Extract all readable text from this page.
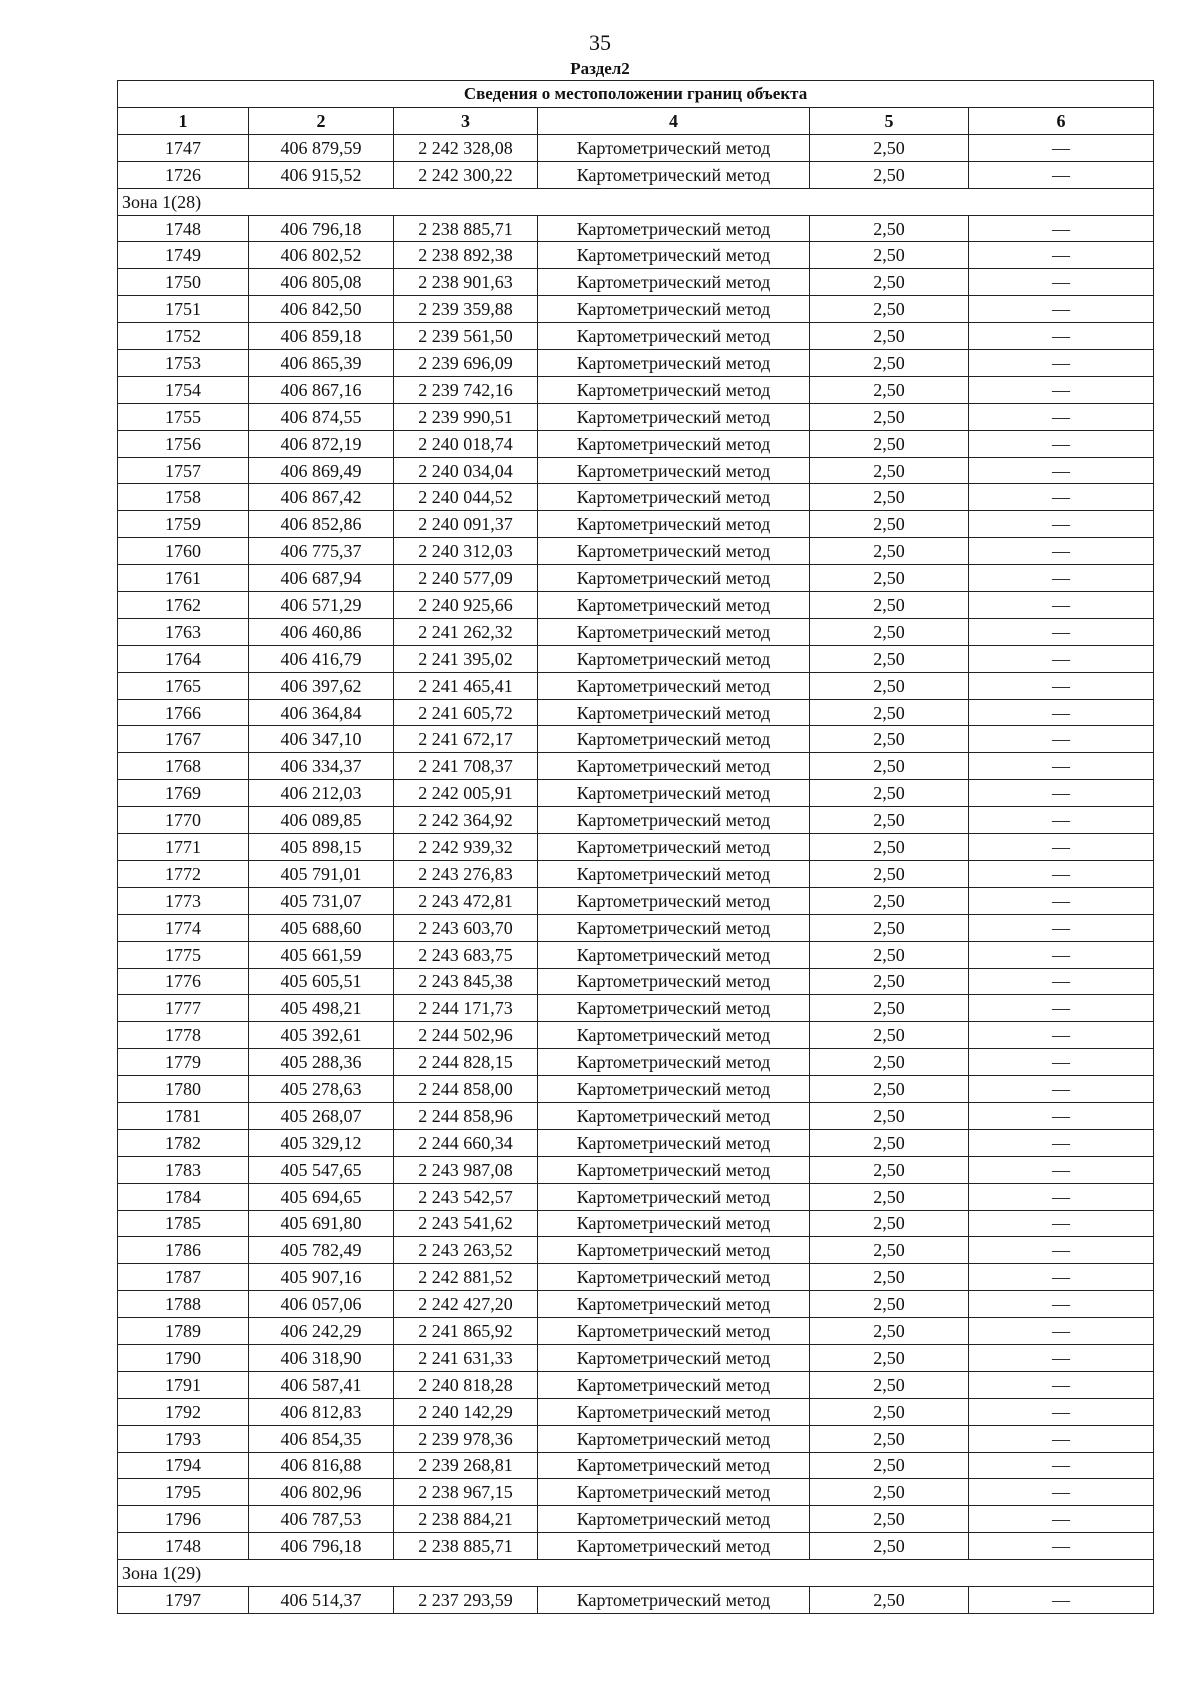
35
Раздел2
Сведения о местоположении границ объекта					
1	2	3	4	5	6
1747	406 879,59	2 242 328,08	Картометрический метод	2,50	—
1726	406 915,52	2 242 300,22	Картометрический метод	2,50	—
Зона 1(28)					
1748	406 796,18	2 238 885,71	Картометрический метод	2,50	—
1749	406 802,52	2 238 892,38	Картометрический метод	2,50	—
1750	406 805,08	2 238 901,63	Картометрический метод	2,50	—
1751	406 842,50	2 239 359,88	Картометрический метод	2,50	—
1752	406 859,18	2 239 561,50	Картометрический метод	2,50	—
1753	406 865,39	2 239 696,09	Картометрический метод	2,50	—
1754	406 867,16	2 239 742,16	Картометрический метод	2,50	—
1755	406 874,55	2 239 990,51	Картометрический метод	2,50	—
1756	406 872,19	2 240 018,74	Картометрический метод	2,50	—
1757	406 869,49	2 240 034,04	Картометрический метод	2,50	—
1758	406 867,42	2 240 044,52	Картометрический метод	2,50	—
1759	406 852,86	2 240 091,37	Картометрический метод	2,50	—
1760	406 775,37	2 240 312,03	Картометрический метод	2,50	—
1761	406 687,94	2 240 577,09	Картометрический метод	2,50	—
1762	406 571,29	2 240 925,66	Картометрический метод	2,50	—
1763	406 460,86	2 241 262,32	Картометрический метод	2,50	—
1764	406 416,79	2 241 395,02	Картометрический метод	2,50	—
1765	406 397,62	2 241 465,41	Картометрический метод	2,50	—
1766	406 364,84	2 241 605,72	Картометрический метод	2,50	—
1767	406 347,10	2 241 672,17	Картометрический метод	2,50	—
1768	406 334,37	2 241 708,37	Картометрический метод	2,50	—
1769	406 212,03	2 242 005,91	Картометрический метод	2,50	—
1770	406 089,85	2 242 364,92	Картометрический метод	2,50	—
1771	405 898,15	2 242 939,32	Картометрический метод	2,50	—
1772	405 791,01	2 243 276,83	Картометрический метод	2,50	—
1773	405 731,07	2 243 472,81	Картометрический метод	2,50	—
1774	405 688,60	2 243 603,70	Картометрический метод	2,50	—
1775	405 661,59	2 243 683,75	Картометрический метод	2,50	—
1776	405 605,51	2 243 845,38	Картометрический метод	2,50	—
1777	405 498,21	2 244 171,73	Картометрический метод	2,50	—
1778	405 392,61	2 244 502,96	Картометрический метод	2,50	—
1779	405 288,36	2 244 828,15	Картометрический метод	2,50	—
1780	405 278,63	2 244 858,00	Картометрический метод	2,50	—
1781	405 268,07	2 244 858,96	Картометрический метод	2,50	—
1782	405 329,12	2 244 660,34	Картометрический метод	2,50	—
1783	405 547,65	2 243 987,08	Картометрический метод	2,50	—
1784	405 694,65	2 243 542,57	Картометрический метод	2,50	—
1785	405 691,80	2 243 541,62	Картометрический метод	2,50	—
1786	405 782,49	2 243 263,52	Картометрический метод	2,50	—
1787	405 907,16	2 242 881,52	Картометрический метод	2,50	—
1788	406 057,06	2 242 427,20	Картометрический метод	2,50	—
1789	406 242,29	2 241 865,92	Картометрический метод	2,50	—
1790	406 318,90	2 241 631,33	Картометрический метод	2,50	—
1791	406 587,41	2 240 818,28	Картометрический метод	2,50	—
1792	406 812,83	2 240 142,29	Картометрический метод	2,50	—
1793	406 854,35	2 239 978,36	Картометрический метод	2,50	—
1794	406 816,88	2 239 268,81	Картометрический метод	2,50	—
1795	406 802,96	2 238 967,15	Картометрический метод	2,50	—
1796	406 787,53	2 238 884,21	Картометрический метод	2,50	—
1748	406 796,18	2 238 885,71	Картометрический метод	2,50	—
Зона 1(29)					
1797	406 514,37	2 237 293,59	Картометрический метод	2,50	—
